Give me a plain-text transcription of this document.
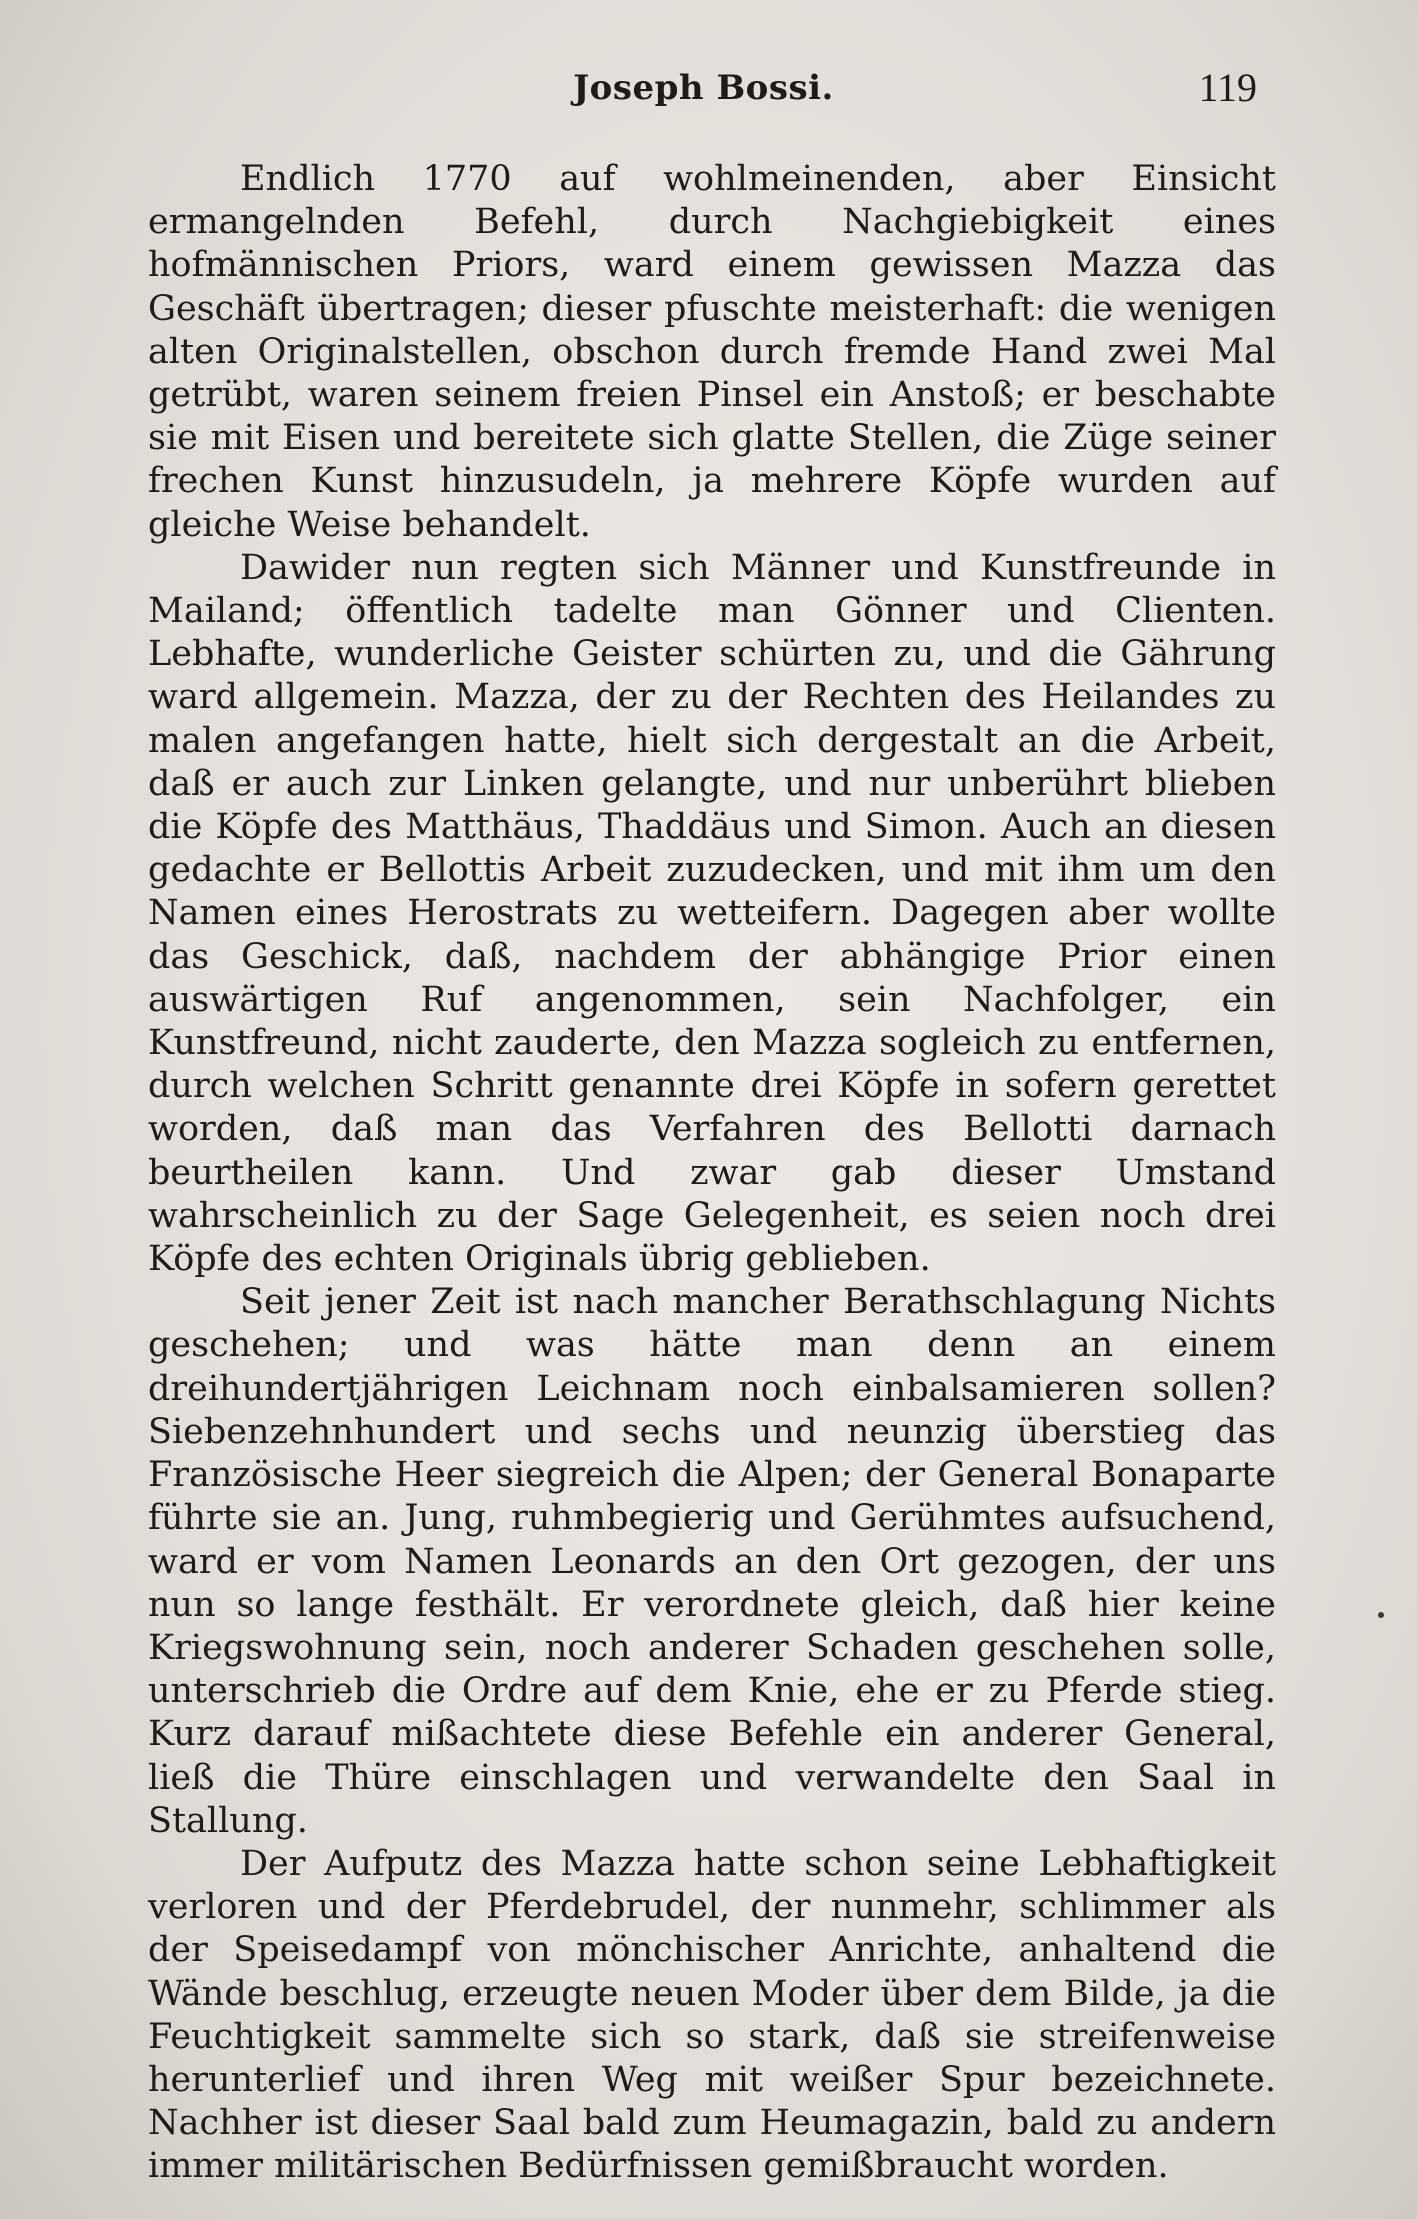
Joseph Bossi.	119

Endlich 1770 auf wohlmeinenden, aber Einsicht ermangelnden Befehl, durch Nachgiebigkeit eines hofmännischen Priors, ward einem gewissen Mazza das Geschäft übertragen; dieser pfuschte meisterhaft: die wenigen alten Originalstellen, obschon durch fremde Hand zwei Mal getrübt, waren seinem freien Pinsel ein Anstoß; er beschabte sie mit Eisen und bereitete sich glatte Stellen, die Züge seiner frechen Kunst hinzusudeln, ja mehrere Köpfe wurden auf gleiche Weise behandelt.

Dawider nun regten sich Männer und Kunstfreunde in Mailand; öffentlich tadelte man Gönner und Clienten. Lebhafte, wunderliche Geister schürten zu, und die Gährung ward allgemein. Mazza, der zu der Rechten des Heilandes zu malen angefangen hatte, hielt sich dergestalt an die Arbeit, daß er auch zur Linken gelangte, und nur unberührt blieben die Köpfe des Matthäus, Thaddäus und Simon. Auch an diesen gedachte er Bellottis Arbeit zuzudecken, und mit ihm um den Namen eines Herostrats zu wetteifern. Dagegen aber wollte das Geschick, daß, nachdem der abhängige Prior einen auswärtigen Ruf angenommen, sein Nachfolger, ein Kunstfreund, nicht zauderte, den Mazza sogleich zu entfernen, durch welchen Schritt genannte drei Köpfe in sofern gerettet worden, daß man das Verfahren des Bellotti darnach beurtheilen kann. Und zwar gab dieser Umstand wahrscheinlich zu der Sage Gelegenheit, es seien noch drei Köpfe des echten Originals übrig geblieben.

Seit jener Zeit ist nach mancher Berathschlagung Nichts geschehen; und was hätte man denn an einem dreihundertjährigen Leichnam noch einbalsamieren sollen? Siebenzehnhundert und sechs und neunzig überstieg das Französische Heer siegreich die Alpen; der General Bonaparte führte sie an. Jung, ruhmbegierig und Gerühmtes aufsuchend, ward er vom Namen Leonards an den Ort gezogen, der uns nun so lange festhält. Er verordnete gleich, daß hier keine Kriegswohnung sein, noch anderer Schaden geschehen solle, unterschrieb die Ordre auf dem Knie, ehe er zu Pferde stieg. Kurz darauf mißachtete diese Befehle ein anderer General, ließ die Thüre einschlagen und verwandelte den Saal in Stallung.

Der Aufputz des Mazza hatte schon seine Lebhaftigkeit verloren und der Pferdebrudel, der nunmehr, schlimmer als der Speisedampf von mönchischer Anrichte, anhaltend die Wände beschlug, erzeugte neuen Moder über dem Bilde, ja die Feuchtigkeit sammelte sich so stark, daß sie streifenweise herunterlief und ihren Weg mit weißer Spur bezeichnete. Nachher ist dieser Saal bald zum Heumagazin, bald zu andern immer militärischen Bedürfnissen gemißbraucht worden.
